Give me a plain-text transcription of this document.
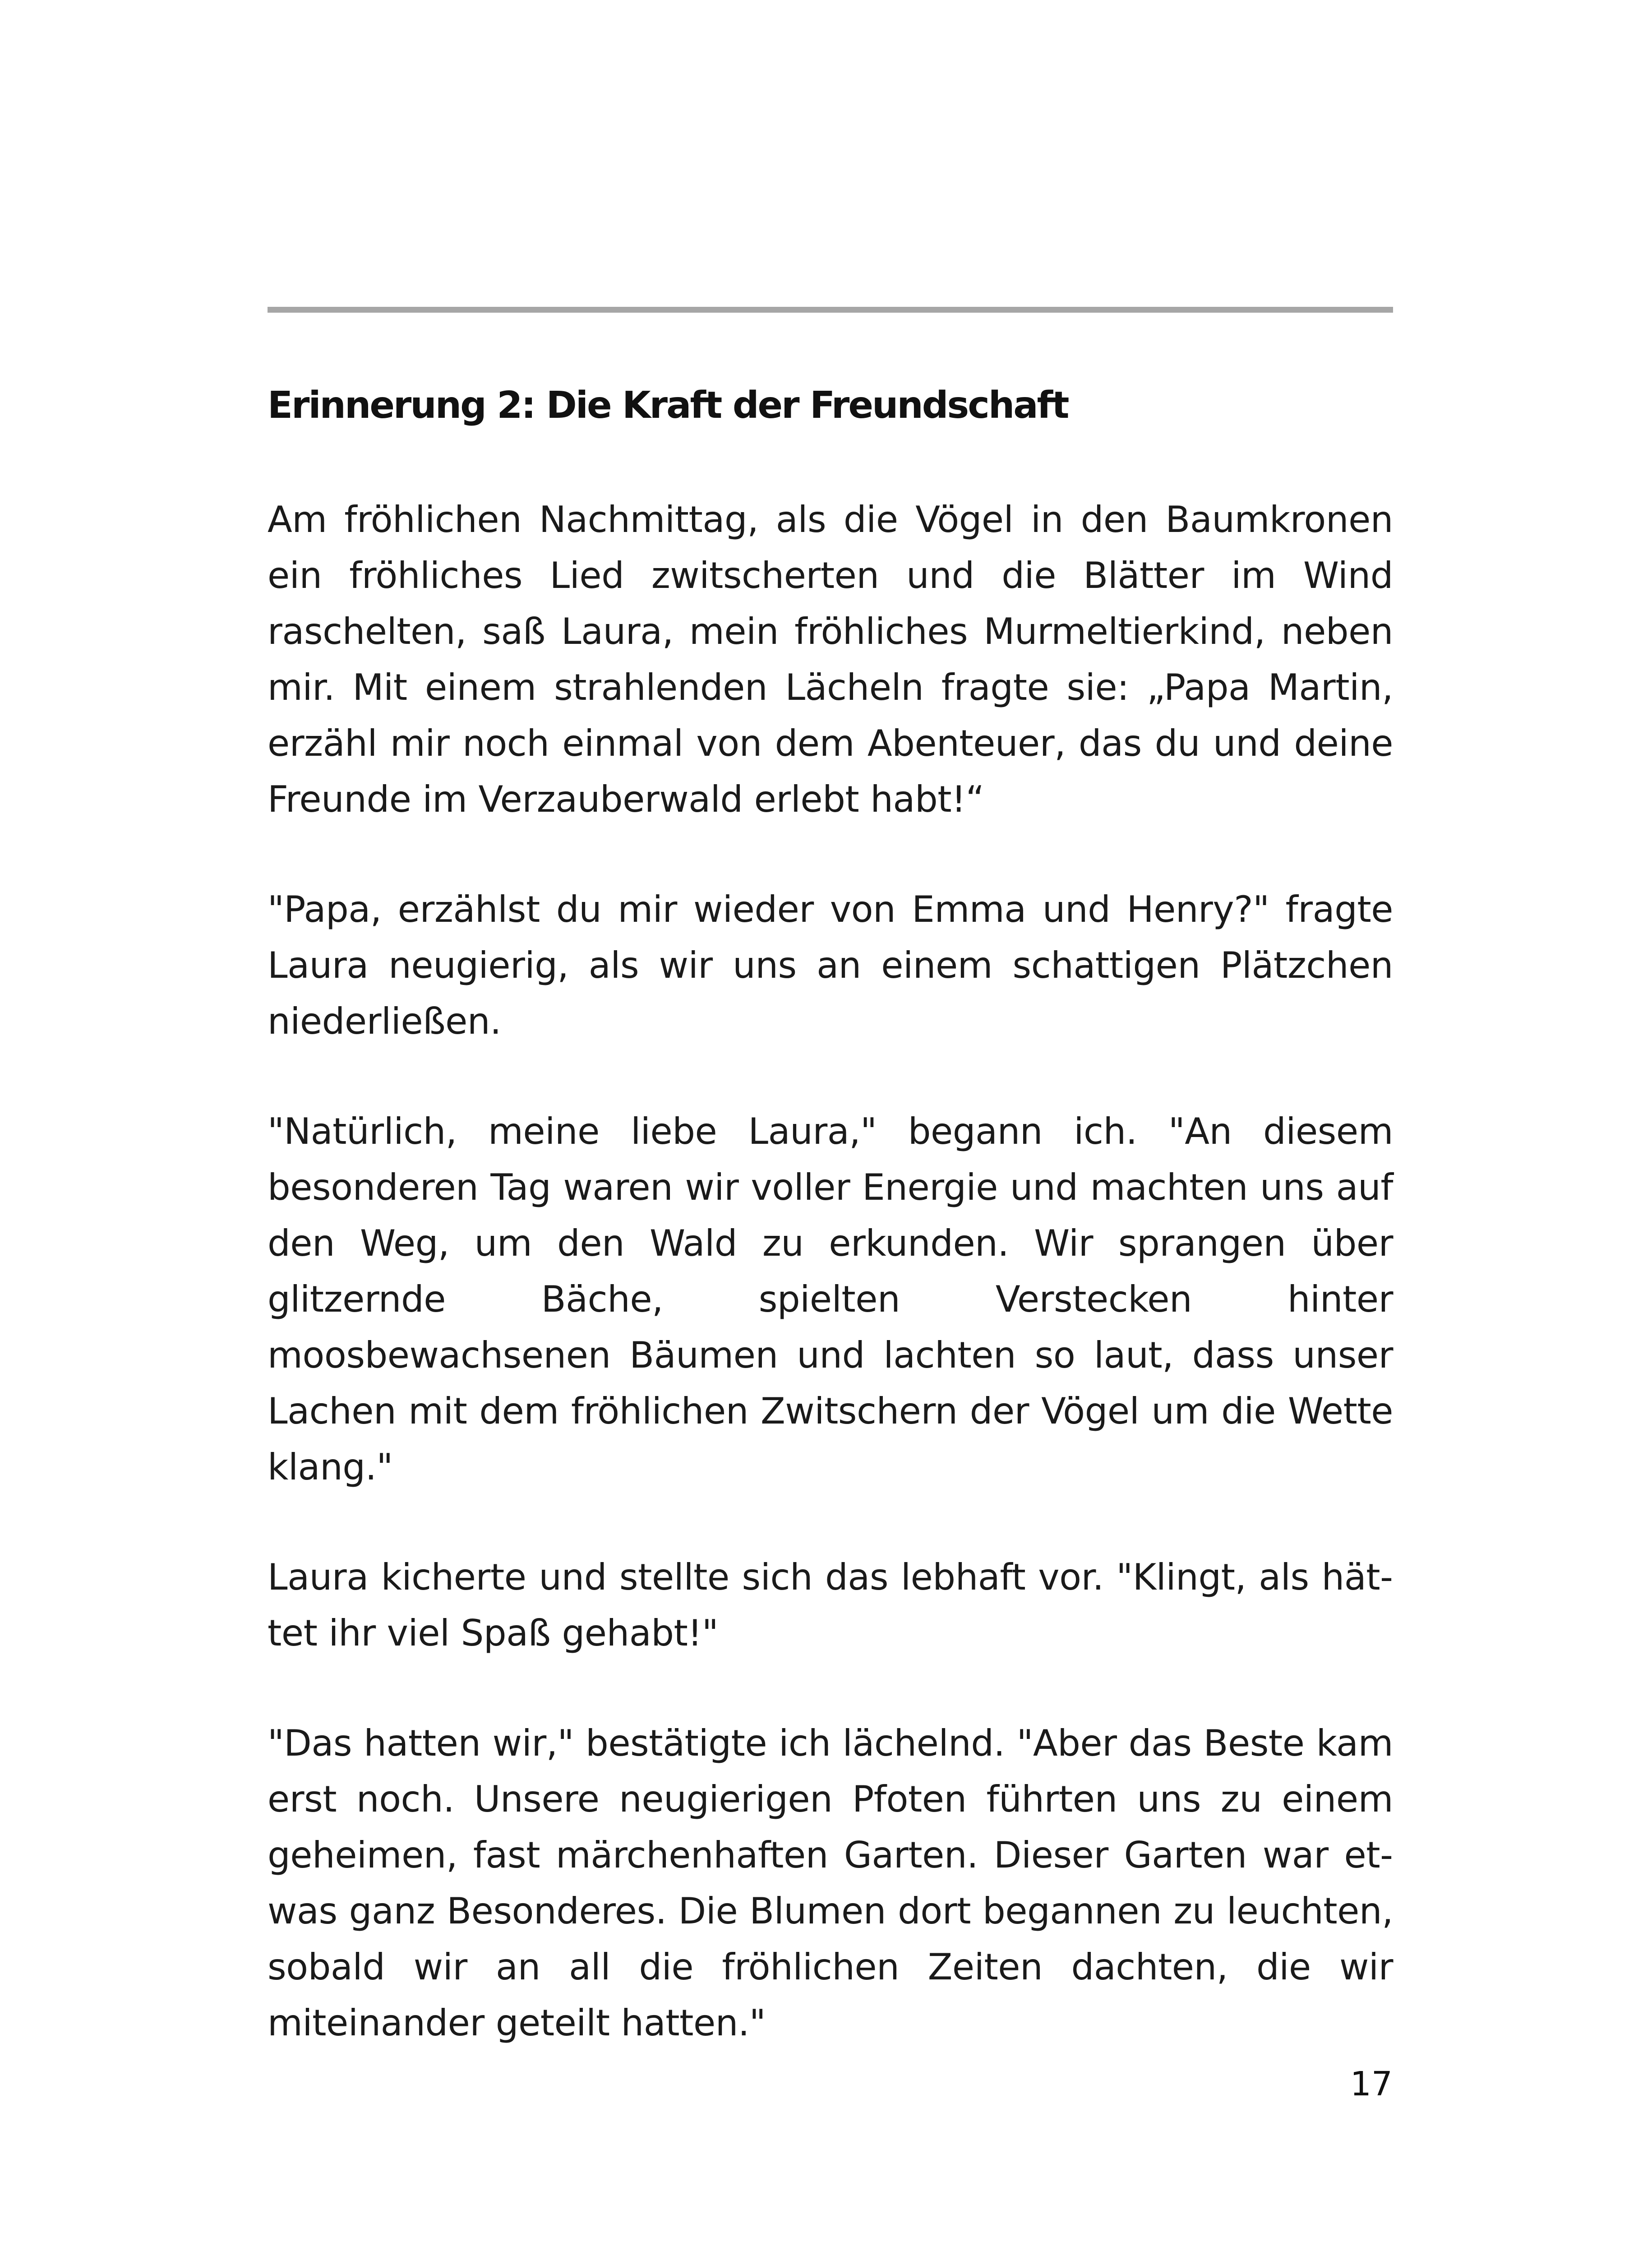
Erinnerung 2: Die Kraft der Freundschaft

Am fröhlichen Nachmittag, als die Vögel in den Baumkronen ein fröhliches Lied zwitscherten und die Blätter im Wind raschelten, saß Laura, mein fröhliches Murmeltierkind, neben mir. Mit einem strahlenden Lächeln fragte sie: „Papa Martin, erzähl mir noch einmal von dem Abenteuer, das du und deine Freunde im Verzauberwald erlebt habt!“

"Papa, erzählst du mir wieder von Emma und Henry?" fragte Laura neugierig, als wir uns an einem schattigen Plätzchen niederließen.

"Natürlich, meine liebe Laura," begann ich. "An diesem besonderen Tag waren wir voller Energie und machten uns auf den Weg, um den Wald zu erkunden. Wir sprangen über glitzernde Bäche, spielten Verstecken hinter moosbewachsenen Bäumen und lachten so laut, dass unser Lachen mit dem fröhlichen Zwitschern der Vögel um die Wette klang."

Laura kicherte und stellte sich das lebhaft vor. "Klingt, als hättet ihr viel Spaß gehabt!"

"Das hatten wir," bestätigte ich lächelnd. "Aber das Beste kam erst noch. Unsere neugierigen Pfoten führten uns zu einem geheimen, fast märchenhaften Garten. Dieser Garten war etwas ganz Besonderes. Die Blumen dort begannen zu leuchten, sobald wir an all die fröhlichen Zeiten dachten, die wir miteinander geteilt hatten."

17
